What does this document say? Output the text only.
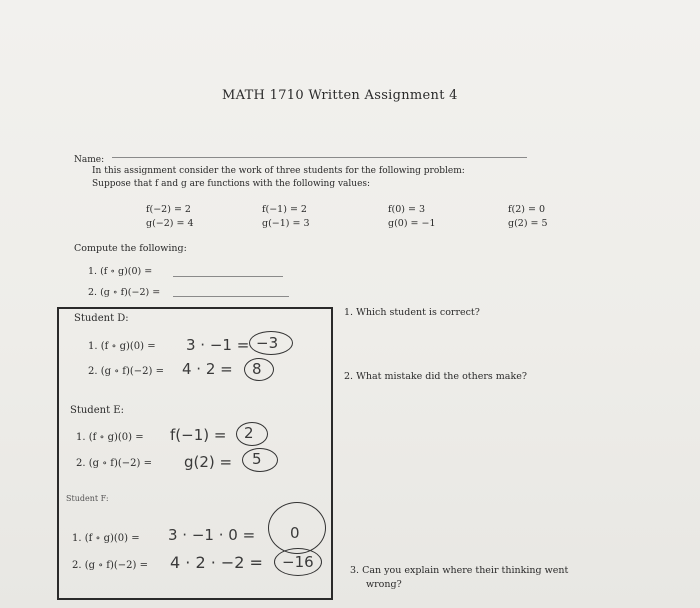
MATH 1710 Written Assignment 4
Name:
In this assignment consider the work of three students for the following problem:
Suppose that f and g are functions with the following values:
f(−2) = 2
g(−2) = 4
f(−1) = 2
g(−1) = 3
f(0) = 3
g(0) = −1
f(2) = 0
g(2) = 5
Compute the following:
1. (f ∘ g)(0) =
2. (g ∘ f)(−2) =
Student D:
1. (f ∘ g)(0) = 3 · −1 = −3
2. (g ∘ f)(−2) = 4 · 2 = 8
Student E:
1. (f ∘ g)(0) = f(−1) = 2
2. (g ∘ f)(−2) = g(2) = 5
Student F:
1. (f ∘ g)(0) = 3 · −1 · 0 = 0
2. (g ∘ f)(−2) = 4 · 2 · −2 = −16
1. Which student is correct?
2. What mistake did the others make?
3. Can you explain where their thinking went
wrong?
